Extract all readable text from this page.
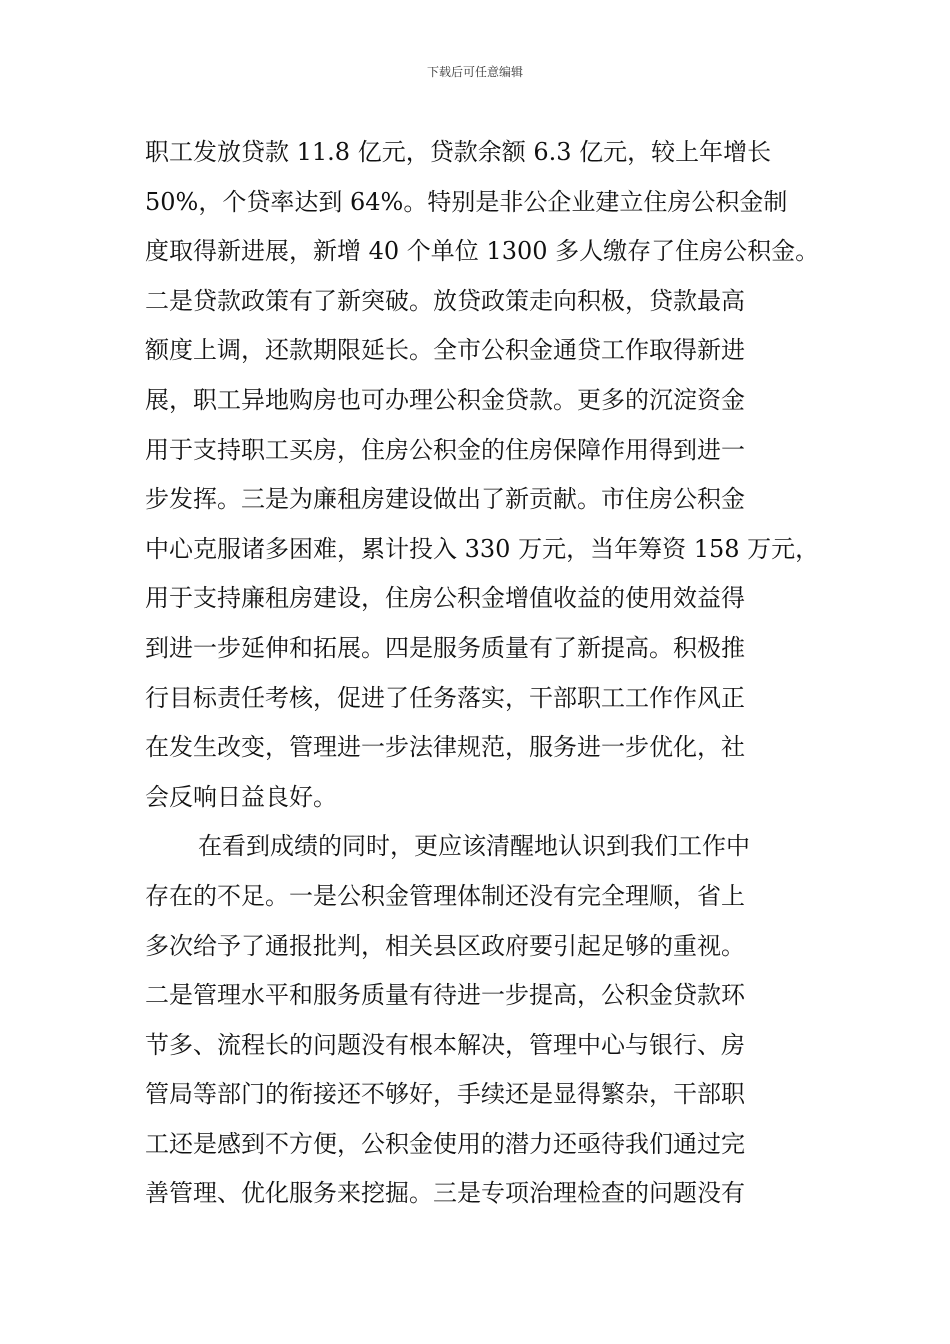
下载后可任意编辑
职工发放贷款 11.8 亿元，贷款余额 6.3 亿元，较上年增长
50%，个贷率达到 64%。特别是非公企业建立住房公积金制
度取得新进展，新增 40 个单位 1300 多人缴存了住房公积金。
二是贷款政策有了新突破。放贷政策走向积极，贷款最高
额度上调，还款期限延长。全市公积金通贷工作取得新进
展，职工异地购房也可办理公积金贷款。更多的沉淀资金
用于支持职工买房，住房公积金的住房保障作用得到进一
步发挥。三是为廉租房建设做出了新贡献。市住房公积金
中心克服诸多困难，累计投入 330 万元，当年筹资 158 万元，
用于支持廉租房建设，住房公积金增值收益的使用效益得
到进一步延伸和拓展。四是服务质量有了新提高。积极推
行目标责任考核，促进了任务落实，干部职工工作作风正
在发生改变，管理进一步法律规范，服务进一步优化，社
会反响日益良好。
在看到成绩的同时，更应该清醒地认识到我们工作中
存在的不足。一是公积金管理体制还没有完全理顺，省上
多次给予了通报批判，相关县区政府要引起足够的重视。
二是管理水平和服务质量有待进一步提高，公积金贷款环
节多、流程长的问题没有根本解决，管理中心与银行、房
管局等部门的衔接还不够好，手续还是显得繁杂，干部职
工还是感到不方便，公积金使用的潜力还亟待我们通过完
善管理、优化服务来挖掘。三是专项治理检查的问题没有
